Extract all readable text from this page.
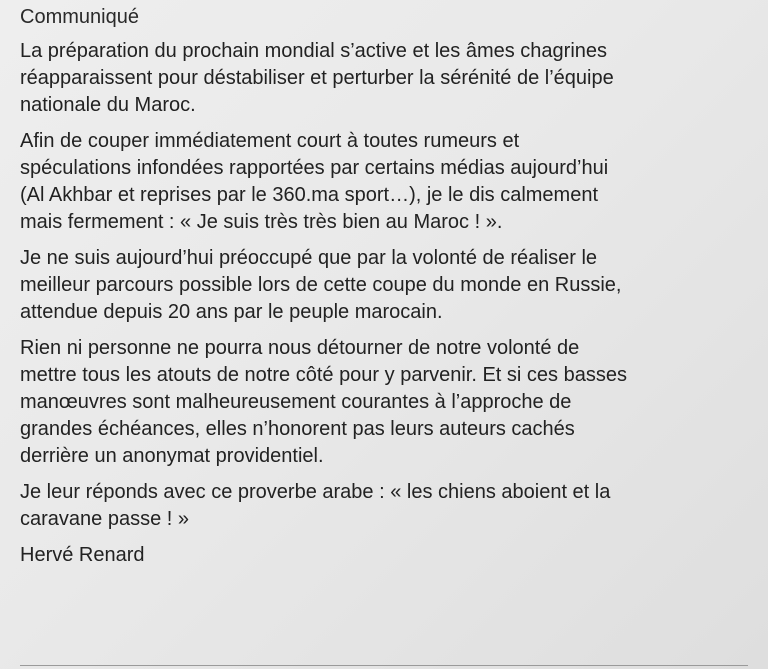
Communiqué
La préparation du prochain mondial s’active et les âmes chagrines
réapparaissent pour déstabiliser et perturber la sérénité de l’équipe
nationale du Maroc.
Afin de couper immédiatement court à toutes rumeurs et
spéculations infondées rapportées par certains médias aujourd’hui
(Al Akhbar et reprises par le 360.ma sport…), je le dis calmement
mais fermement : « Je suis très très bien au Maroc ! ».
Je ne suis aujourd’hui préoccupé que par la volonté de réaliser le
meilleur parcours possible lors de cette coupe du monde en Russie,
attendue depuis 20 ans par le peuple marocain.
Rien ni personne ne pourra nous détourner de notre volonté de
mettre tous les atouts de notre côté pour y parvenir. Et si ces basses
manœuvres sont malheureusement courantes à l’approche de
grandes échéances, elles n’honorent pas leurs auteurs cachés
derrière un anonymat providentiel.
Je leur réponds avec ce proverbe arabe : « les chiens aboient et la
caravane passe ! »
Hervé Renard
